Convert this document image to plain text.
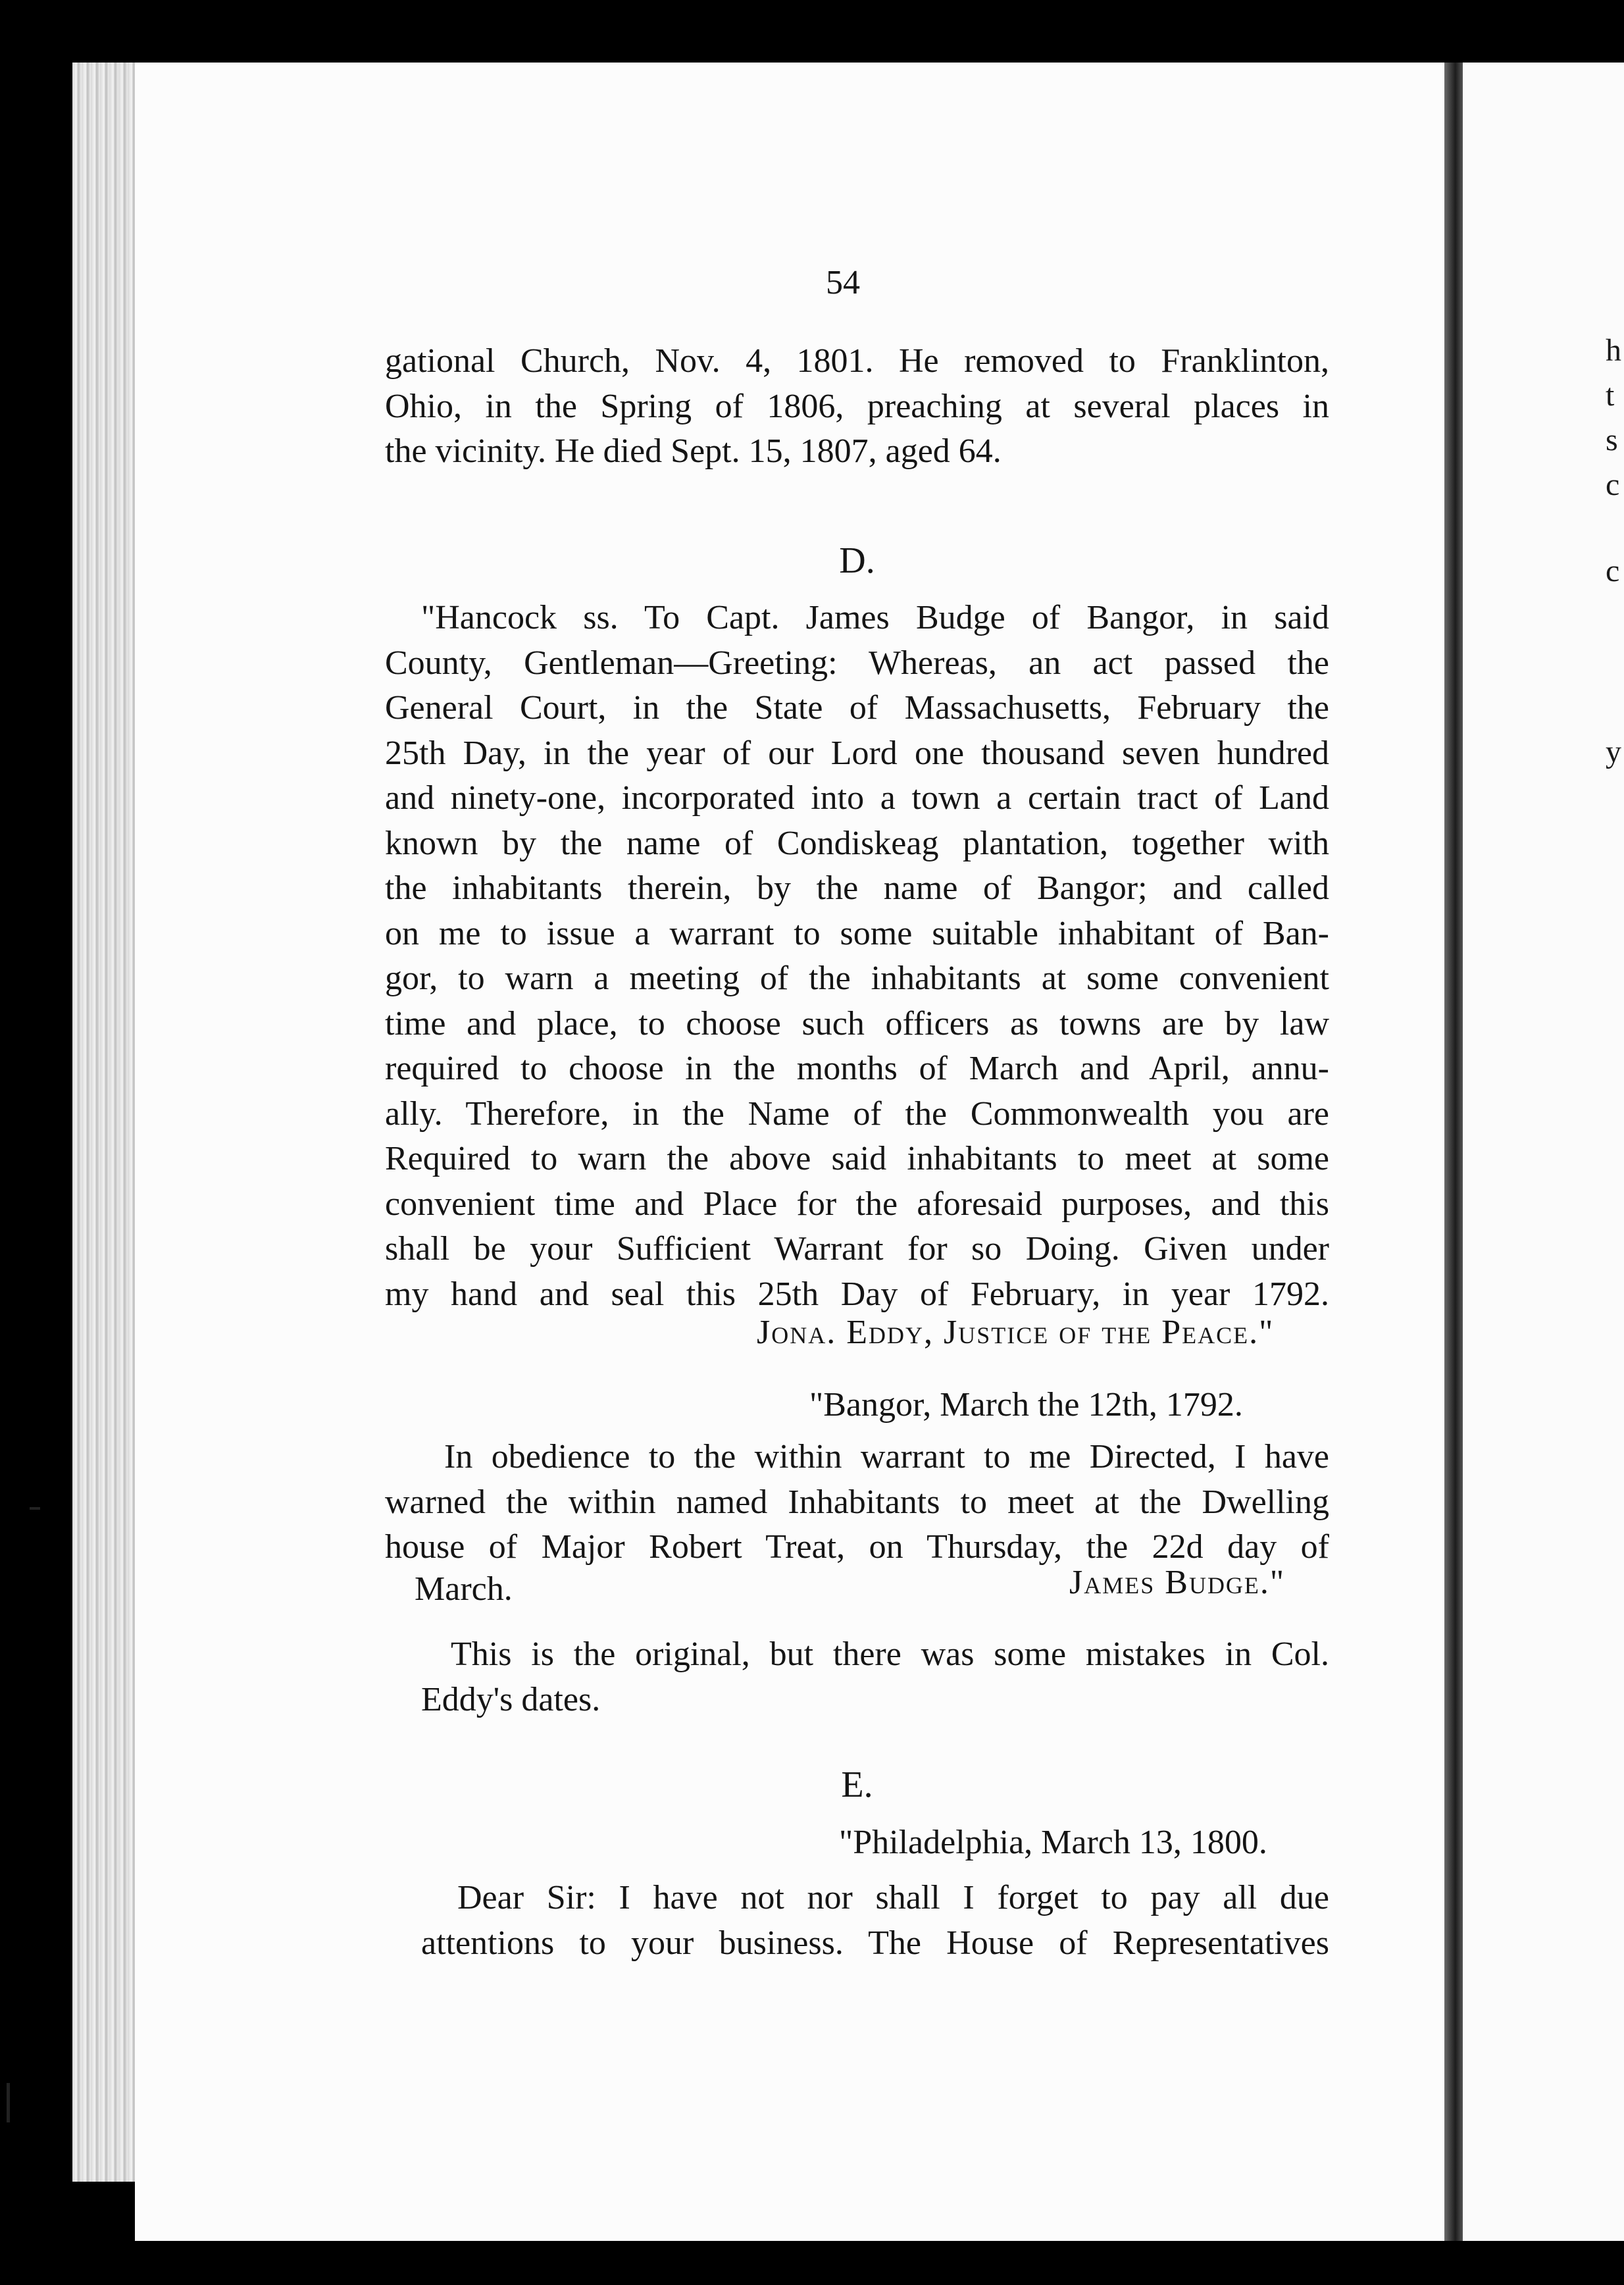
h
t
s
c
c
y
54
gational Church, Nov. 4, 1801. He removed to Franklinton,
Ohio, in the Spring of 1806, preaching at several places in
the vicinity. He died Sept. 15, 1807, aged 64.
D.
"Hancock ss. To Capt. James Budge of Bangor, in said
County, Gentleman—Greeting: Whereas, an act passed the
General Court, in the State of Massachusetts, February the
25th Day, in the year of our Lord one thousand seven hundred
and ninety-one, incorporated into a town a certain tract of Land
known by the name of Condiskeag plantation, together with
the inhabitants therein, by the name of Bangor; and called
on me to issue a warrant to some suitable inhabitant of Ban-
gor, to warn a meeting of the inhabitants at some convenient
time and place, to choose such officers as towns are by law
required to choose in the months of March and April, annu-
ally. Therefore, in the Name of the Commonwealth you are
Required to warn the above said inhabitants to meet at some
convenient time and Place for the aforesaid purposes, and this
shall be your Sufficient Warrant for so Doing. Given under
my hand and seal this 25th Day of February, in year 1792.
Jona. Eddy, Justice of the Peace."
"Bangor, March the 12th, 1792.
In obedience to the within warrant to me Directed, I have
warned the within named Inhabitants to meet at the Dwelling
house of Major Robert Treat, on Thursday, the 22d day of
March.	James Budge."
This is the original, but there was some mistakes in Col.
Eddy's dates.
E.
"Philadelphia, March 13, 1800.
Dear Sir: I have not nor shall I forget to pay all due
attentions to your business. The House of Representatives
